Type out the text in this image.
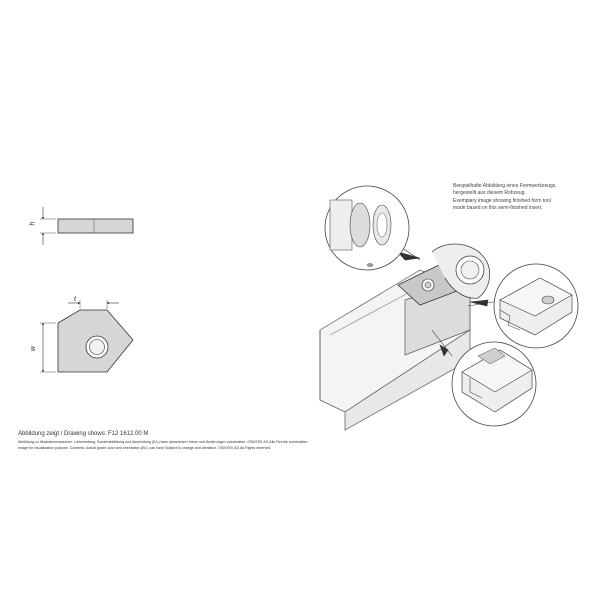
h
t
w
Beispielhafte Abbildung eines Formwerkzeugs,
hergestellt aus diesem Rohzeug.
Exemplary image showing finished form tool
made based on this semi-finished insert.
Abbildung zeigt / Drawing shows: F12 1612.00 M
Abbildung zu Illustrationszwecken. Lieferumfang, Sonderabbildung und Ausrichtung (E/L) kann abweichen! Irrtum und Änderungen vorbehalten. OSMTEK AG Alle Rechte vorbehalten.
Image for visualization purpose. Contents, Actual grade color and orientation (E/L) can vary! Subject to change and deviation. OSMTEK AG All Rights reserved.
